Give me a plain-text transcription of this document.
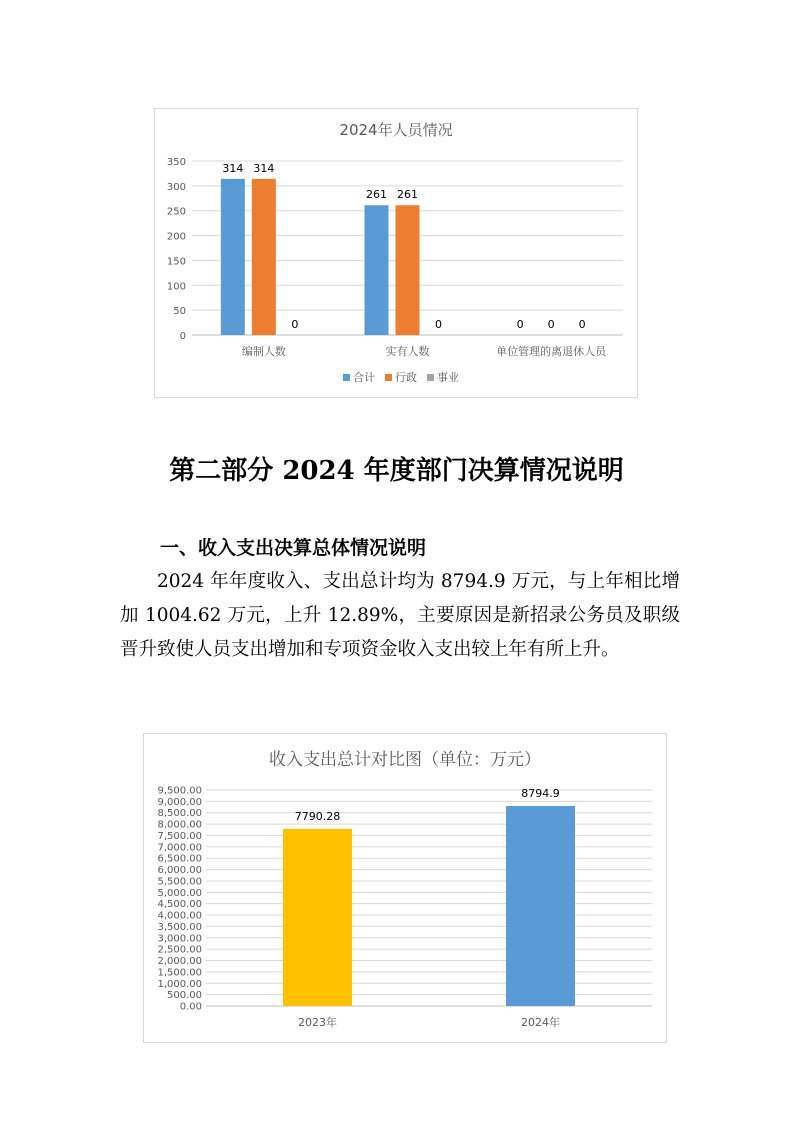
2024年人员情况
0
50
100
150
200
250
300
350	314 314
0
编制人数
261 261
0
实有人数
0 0 0
单位管理的离退休人员
合计 行政 事业
第二部分 2024 年度部门决算情况说明
一、收入支出决算总体情况说明

2024 年年度收入、支出总计均为 8794.9 万元，与上年相比增加 1004.62 万元，上升 12.89%，主要原因是新招录公务员及职级晋升致使人员支出增加和专项资金收入支出较上年有所上升。

收入支出总计对比图（单位：万元）
0.00
500.00
1,000.00
1,500.00
2,000.00
2,500.00
3,000.00
3,500.00
4,000.00
4,500.00
5,000.00
5,500.00
6,000.00
6,500.00
7,000.00
7,500.00
8,000.00
8,500.00
9,000.00
9,500.00
7790.28
2023年
8794.9
2024年
